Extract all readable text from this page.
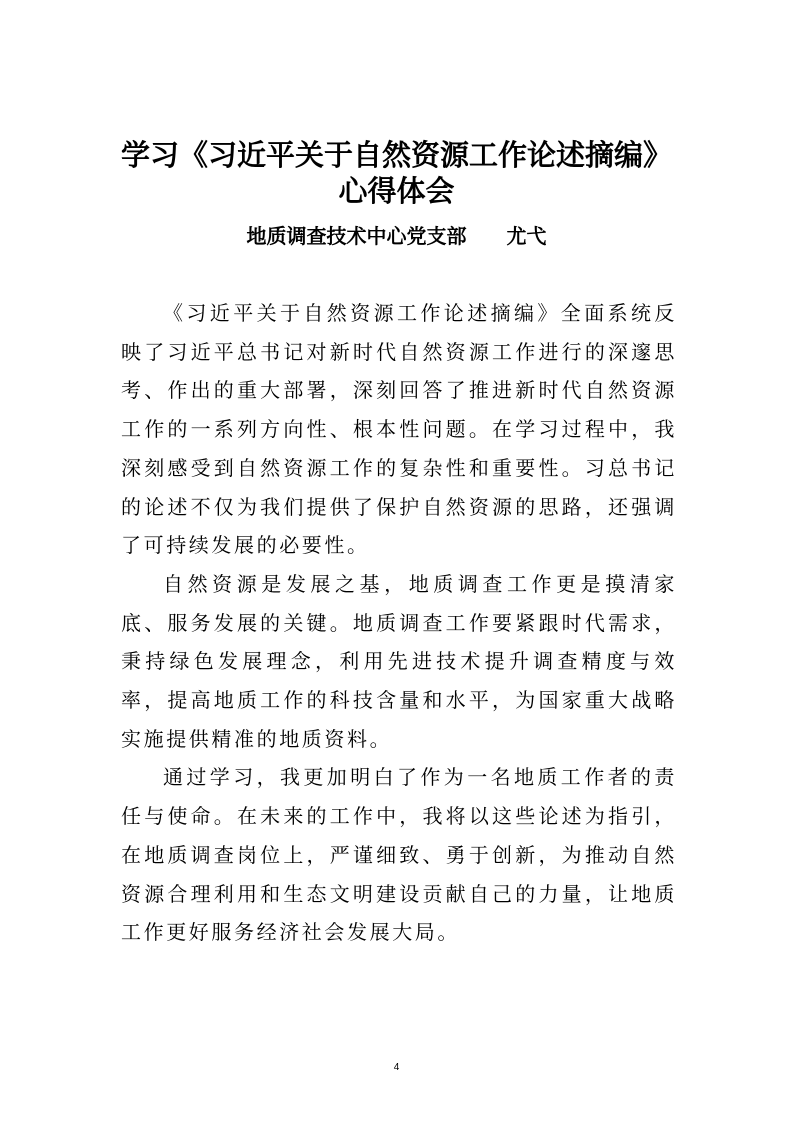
学习《习近平关于自然资源工作论述摘编》
心得体会
地质调查技术中心党支部 尤弋

《习近平关于自然资源工作论述摘编》全面系统反映了习近平总书记对新时代自然资源工作进行的深邃思考、作出的重大部署，深刻回答了推进新时代自然资源工作的一系列方向性、根本性问题。在学习过程中，我深刻感受到自然资源工作的复杂性和重要性。习总书记的论述不仅为我们提供了保护自然资源的思路，还强调了可持续发展的必要性。

自然资源是发展之基，地质调查工作更是摸清家底、服务发展的关键。地质调查工作要紧跟时代需求，秉持绿色发展理念，利用先进技术提升调查精度与效率，提高地质工作的科技含量和水平，为国家重大战略实施提供精准的地质资料。

通过学习，我更加明白了作为一名地质工作者的责任与使命。在未来的工作中，我将以这些论述为指引，在地质调查岗位上，严谨细致、勇于创新，为推动自然资源合理利用和生态文明建设贡献自己的力量，让地质工作更好服务经济社会发展大局。

4
